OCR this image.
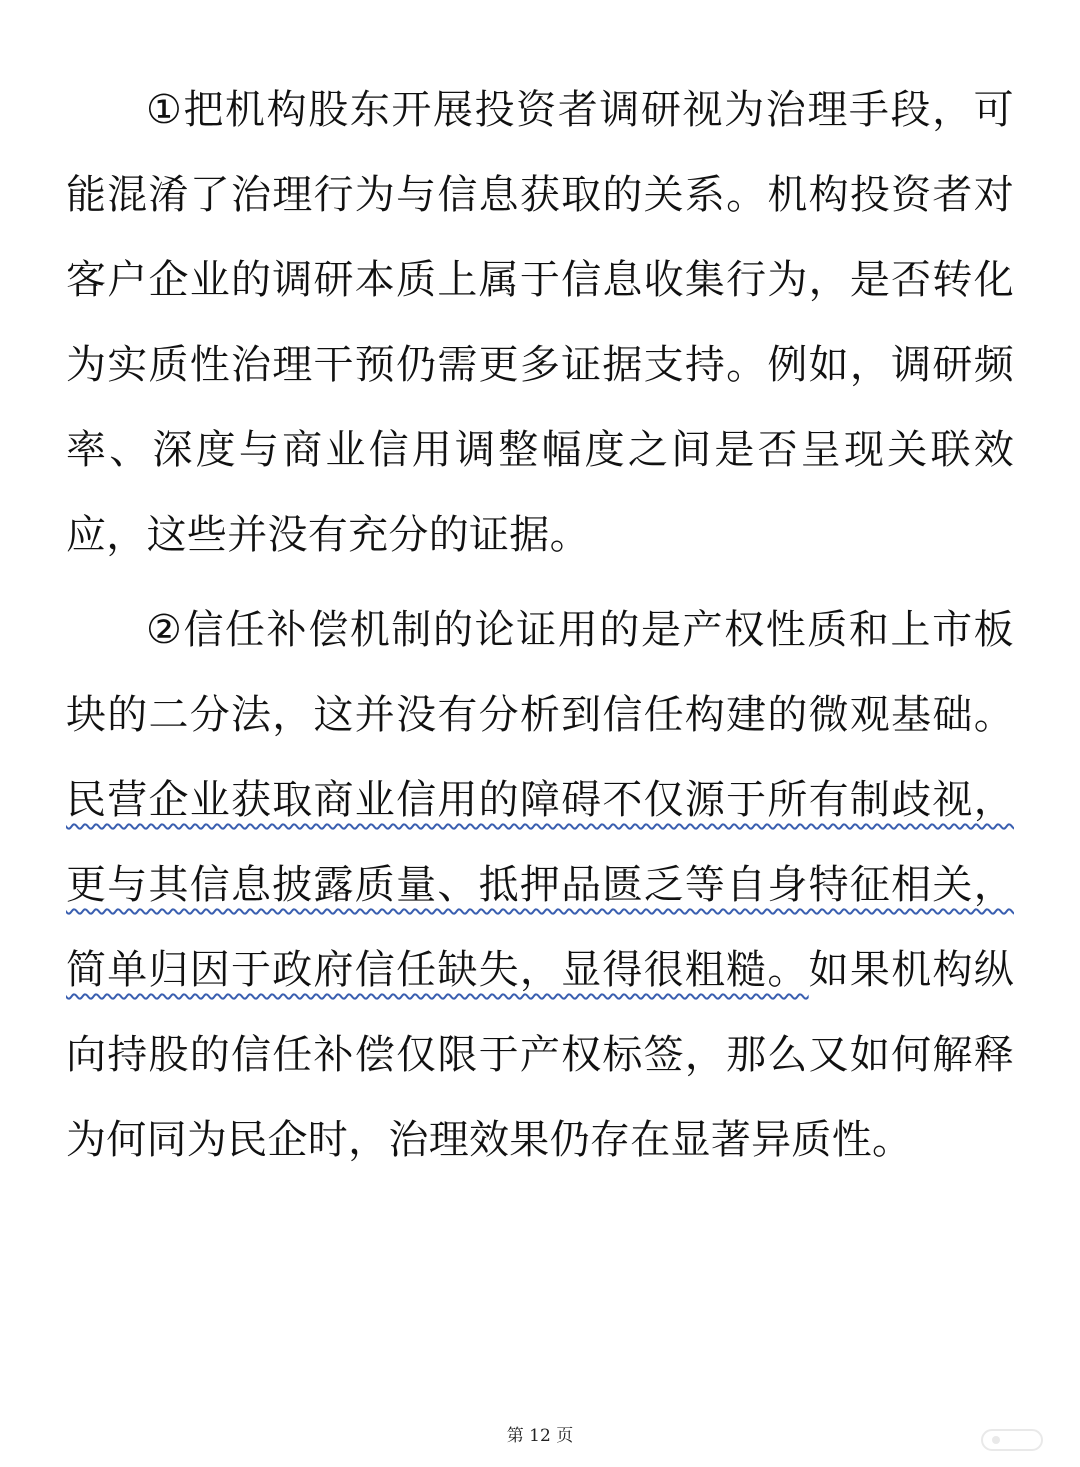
①把机构股东开展投资者调研视为治理手段，可能混淆了治理行为与信息获取的关系。机构投资者对客户企业的调研本质上属于信息收集行为，是否转化为实质性治理干预仍需更多证据支持。例如，调研频率、深度与商业信用调整幅度之间是否呈现关联效应，这些并没有充分的证据。

②信任补偿机制的论证用的是产权性质和上市板块的二分法，这并没有分析到信任构建的微观基础。民营企业获取商业信用的障碍不仅源于所有制歧视，更与其信息披露质量、抵押品匮乏等自身特征相关，简单归因于政府信任缺失，显得很粗糙。如果机构纵向持股的信任补偿仅限于产权标签，那么又如何解释为何同为民企时，治理效果仍存在显著异质性。

第 12 页
